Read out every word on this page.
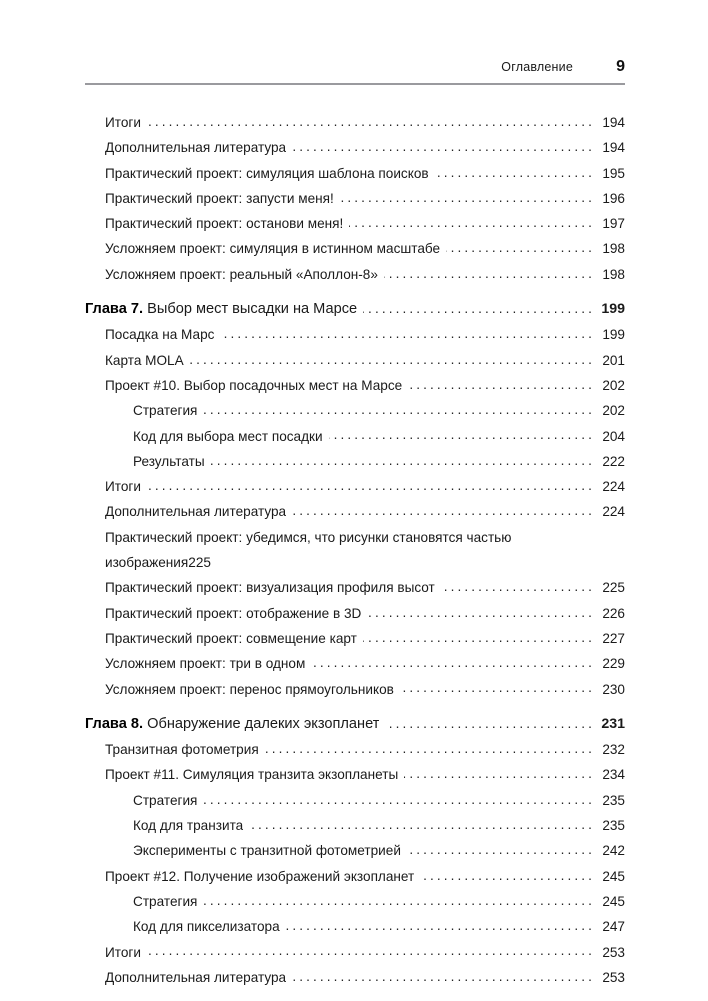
Оглавление	9
Итоги .....	194
Дополнительная литература .....	194
Практический проект: симуляция шаблона поисков .....	195
Практический проект: запусти меня! .....	196
Практический проект: останови меня! .....	197
Усложняем проект: симуляция в истинном масштабе .....	198
Усложняем проект: реальный «Аполлон-8» .....	198
Глава 7. Выбор мест высадки на Марсе .....	199
Посадка на Марс .....	199
Карта MOLA .....	201
Проект #10. Выбор посадочных мест на Марсе .....	202
Стратегия .....	202
Код для выбора мест посадки .....	204
Результаты .....	222
Итоги .....	224
Дополнительная литература .....	224
Практический проект: убедимся, что рисунки становятся частью
изображения 225
Практический проект: визуализация профиля высот .....	225
Практический проект: отображение в 3D .....	226
Практический проект: совмещение карт .....	227
Усложняем проект: три в одном .....	229
Усложняем проект: перенос прямоугольников .....	230
Глава 8. Обнаружение далеких экзопланет .....	231
Транзитная фотометрия .....	232
Проект #11. Симуляция транзита экзопланеты .....	234
Стратегия .....	235
Код для транзита .....	235
Эксперименты с транзитной фотометрией .....	242
Проект #12. Получение изображений экзопланет .....	245
Стратегия .....	245
Код для пикселизатора .....	247
Итоги .....	253
Дополнительная литература .....	253
